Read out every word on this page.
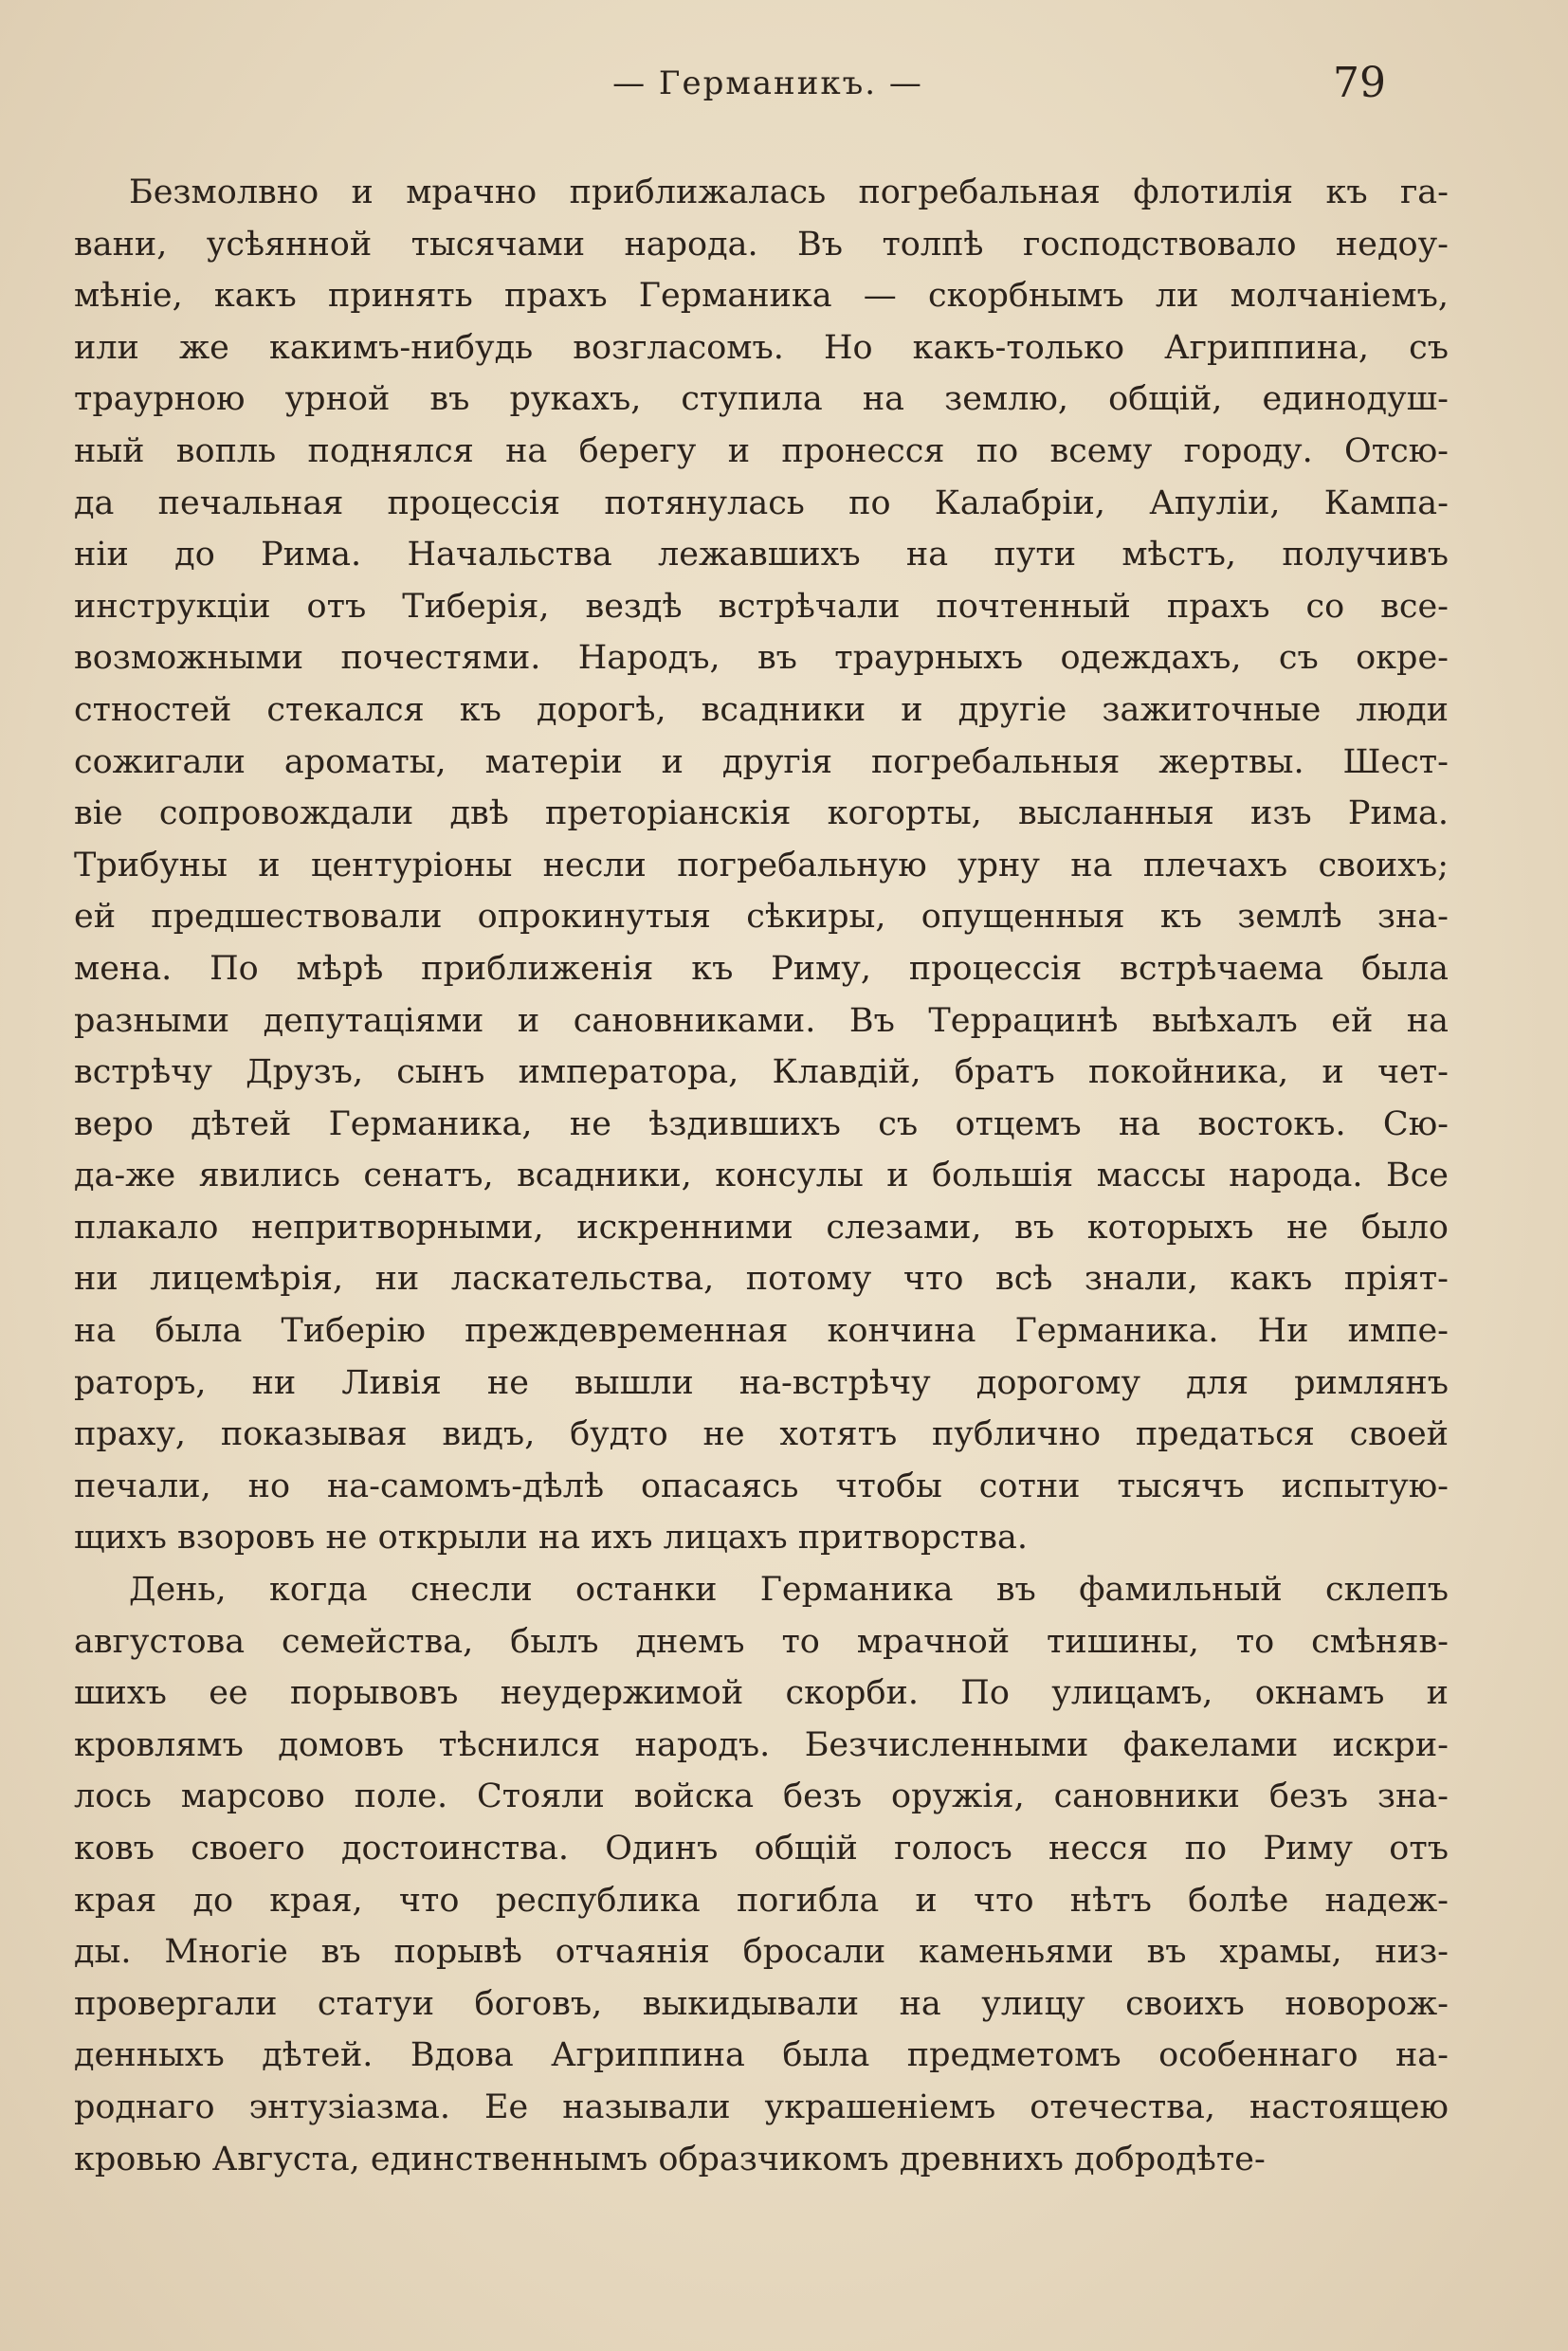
— Германикъ. —	79
Безмолвно и мрачно приближалась погребальная флотилія къ га-
вани, усѣянной тысячами народа. Въ толпѣ господствовало недоу-
мѣніе, какъ принять прахъ Германика — скорбнымъ ли молчаніемъ,
или же какимъ-нибудь возгласомъ. Но какъ-только Агриппина, съ
траурною урной въ рукахъ, ступила на землю, общій, единодуш-
ный вопль поднялся на берегу и пронесся по всему городу. Отсю-
да печальная процессія потянулась по Калабріи, Апуліи, Кампа-
ніи до Рима. Начальства лежавшихъ на пути мѣстъ, получивъ
инструкціи отъ Тиберія, вездѣ встрѣчали почтенный прахъ со все-
возможными почестями. Народъ, въ траурныхъ одеждахъ, съ окре-
стностей стекался къ дорогѣ, всадники и другіе зажиточные люди
сожигали ароматы, матеріи и другія погребальныя жертвы. Шест-
віе сопровождали двѣ преторіанскія когорты, высланныя изъ Рима.
Трибуны и центуріоны несли погребальную урну на плечахъ своихъ;
ей предшествовали опрокинутыя сѣкиры, опущенныя къ землѣ зна-
мена. По мѣрѣ приближенія къ Риму, процессія встрѣчаема была
разными депутаціями и сановниками. Въ Террацинѣ выѣхалъ ей на
встрѣчу Друзъ, сынъ императора, Клавдій, братъ покойника, и чет-
веро дѣтей Германика, не ѣздившихъ съ отцемъ на востокъ. Сю-
да-же явились сенатъ, всадники, консулы и большія массы народа. Все
плакало непритворными, искренними слезами, въ которыхъ не было
ни лицемѣрія, ни ласкательства, потому что всѣ знали, какъ пріят-
на была Тиберію преждевременная кончина Германика. Ни импе-
раторъ, ни Ливія не вышли на-встрѣчу дорогому для римлянъ
праху, показывая видъ, будто не хотятъ публично предаться своей
печали, но на-самомъ-дѣлѣ опасаясь чтобы сотни тысячъ испытую-
щихъ взоровъ не открыли на ихъ лицахъ притворства.
День, когда снесли останки Германика въ фамильный склепъ
августова семейства, былъ днемъ то мрачной тишины, то смѣняв-
шихъ ее порывовъ неудержимой скорби. По улицамъ, окнамъ и
кровлямъ домовъ тѣснился народъ. Безчисленными факелами искри-
лось марсово поле. Стояли войска безъ оружія, сановники безъ зна-
ковъ своего достоинства. Одинъ общій голосъ несся по Риму отъ
края до края, что республика погибла и что нѣтъ болѣе надеж-
ды. Многіе въ порывѣ отчаянія бросали каменьями въ храмы, низ-
провергали статуи боговъ, выкидывали на улицу своихъ новорож-
денныхъ дѣтей. Вдова Агриппина была предметомъ особеннаго на-
роднаго энтузіазма. Ее называли украшеніемъ отечества, настоящею
кровью Августа, единственнымъ образчикомъ древнихъ добродѣте-
